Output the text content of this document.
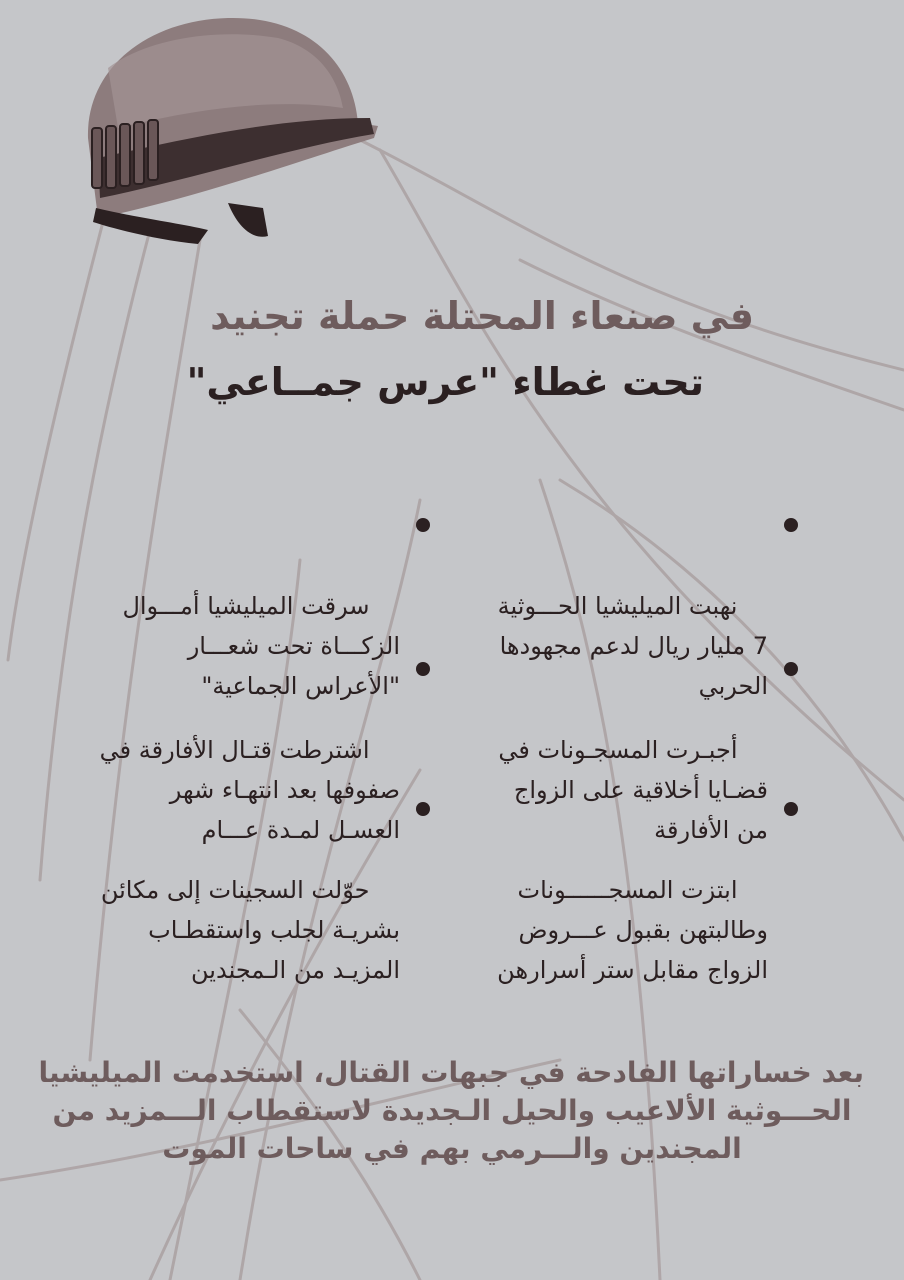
في صنعاء المحتلة حملة تجنيد
تحت غطاء "عرس جمــاعي"

نهبت الميليشيا الحـــوثية
7 مليار ريال لدعم مجهودها
الحربي

سرقت الميليشيا أمـــوال
الزكـــاة تحت شعـــار
"الأعراس الجماعية"

أجبـرت المسجـونات في
قضـايا أخلاقية على الزواج
من الأفارقة

اشترطت قتـال الأفارقة في
صفوفها بعد انتهـاء شهر
العسـل لمـدة عـــام

ابتزت المسجــــــونات
وطالبتهن بقبول عـــروض
الزواج مقابل ستر أسرارهن

حوّلت السجينات إلى مكائن
بشريـة لجلب واستقطـاب
المزيـد من الـمجندين

بعد خساراتها الفادحة في جبهات القتال، استخدمت الميليشيا
الحـــوثية الألاعيب والحيل الـجديدة لاستقطاب الـــمزيد من
المجندين والـــرمي بهم في ساحات الموت
